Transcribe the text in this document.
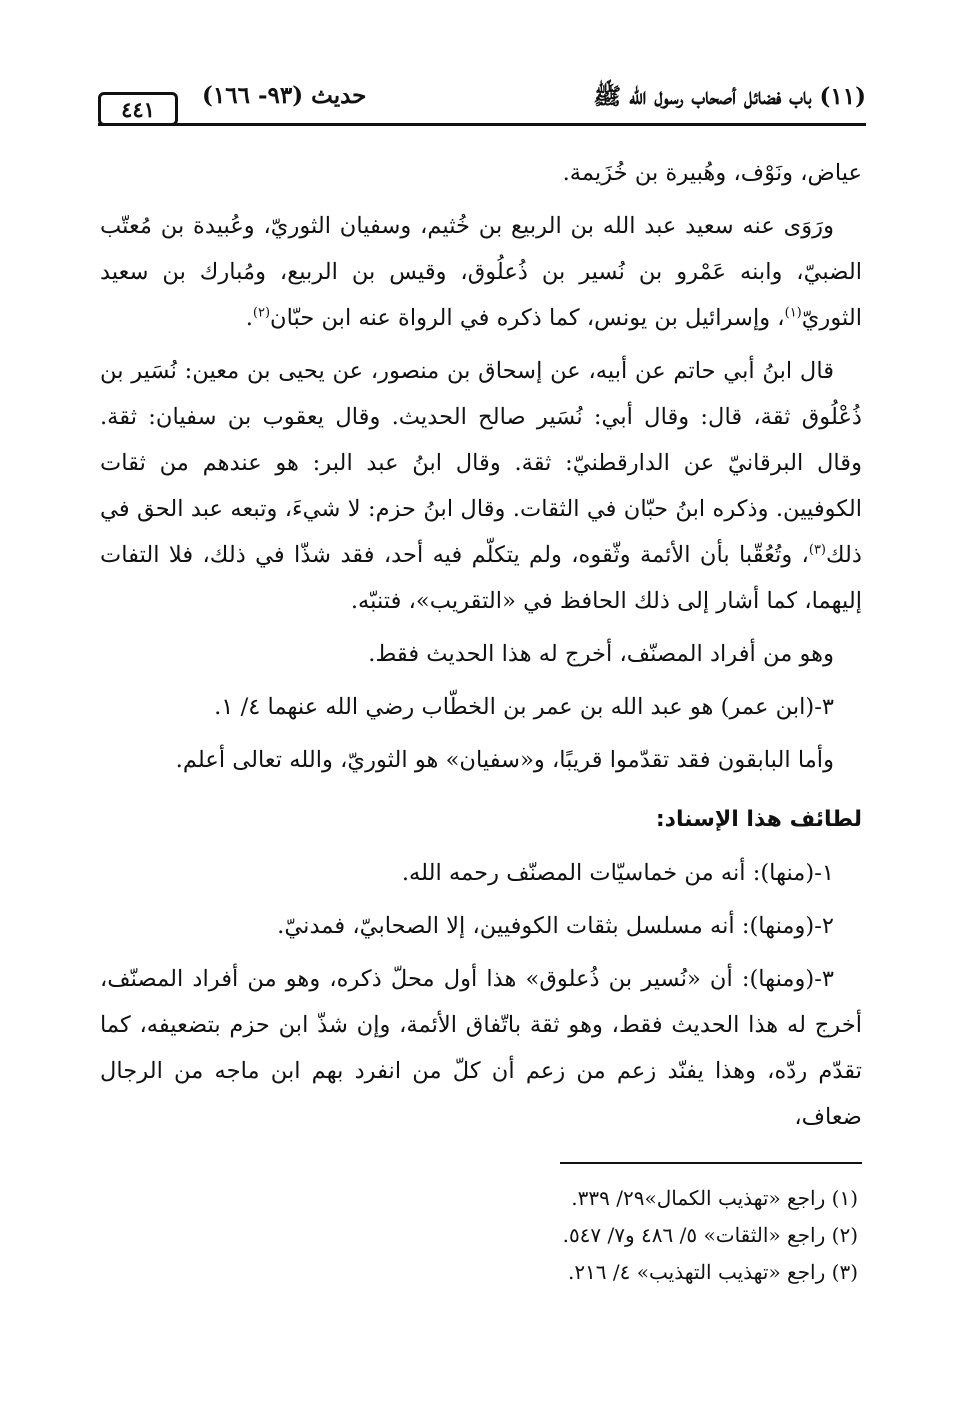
٤٤١ حديث (٩٣- ١٦٦)	(١١) باب فضائل أصحاب رسول الله ﷺ

عياض، ونَوْف، وهُبيرة بن خُزَيمة.

ورَوَى عنه سعيد عبد الله بن الربيع بن خُثيم، وسفيان الثوريّ، وعُبيدة بن مُعتّب الضبيّ، وابنه عَمْرو بن نُسير بن ذُعلُوق، وقيس بن الربيع، ومُبارك بن سعيد الثوريّ$^{(١)}$، وإسرائيل بن يونس، كما ذكره في الرواة عنه ابن حبّان$^{(٢)}$.

قال ابنُ أبي حاتم عن أبيه، عن إسحاق بن منصور، عن يحيى بن معين: نُسَير بن ذُعْلُوق ثقة، قال: وقال أبي: نُسَير صالح الحديث. وقال يعقوب بن سفيان: ثقة. وقال البرقانيّ عن الدارقطنيّ: ثقة. وقال ابنُ عبد البر: هو عندهم من ثقات الكوفيين. وذكره ابنُ حبّان في الثقات. وقال ابنُ حزم: لا شيءَ، وتبعه عبد الحق في ذلك$^{(٣)}$، وتُعُقّبا بأن الأئمة وثّقوه، ولم يتكلّم فيه أحد، فقد شذّا في ذلك، فلا التفات إليهما، كما أشار إلى ذلك الحافظ في «التقريب»، فتنبّه.

وهو من أفراد المصنّف، أخرج له هذا الحديث فقط.

٣-(ابن عمر) هو عبد الله بن عمر بن الخطّاب رضي الله عنهما ٤/ ١.

وأما البابقون فقد تقدّموا قريبًا، و«سفيان» هو الثوريّ، والله تعالى أعلم.

لطائف هذا الإسناد:

١-(منها): أنه من خماسيّات المصنّف رحمه الله.

٢-(ومنها): أنه مسلسل بثقات الكوفيين، إلا الصحابيّ، فمدنيّ.

٣-(ومنها): أن «نُسير بن ذُعلوق» هذا أول محلّ ذكره، وهو من أفراد المصنّف، أخرج له هذا الحديث فقط، وهو ثقة باتّفاق الأئمة، وإن شذّ ابن حزم بتضعيفه، كما تقدّم ردّه، وهذا يفنّد زعم من زعم أن كلّ من انفرد بهم ابن ماجه من الرجال ضعاف،

(١) راجع «تهذيب الكمال»٢٩/ ٣٣٩.

(٢) راجع «الثقات» ٥/ ٤٨٦ و٧/ ٥٤٧.

(٣) راجع «تهذيب التهذيب» ٤/ ٢١٦.
